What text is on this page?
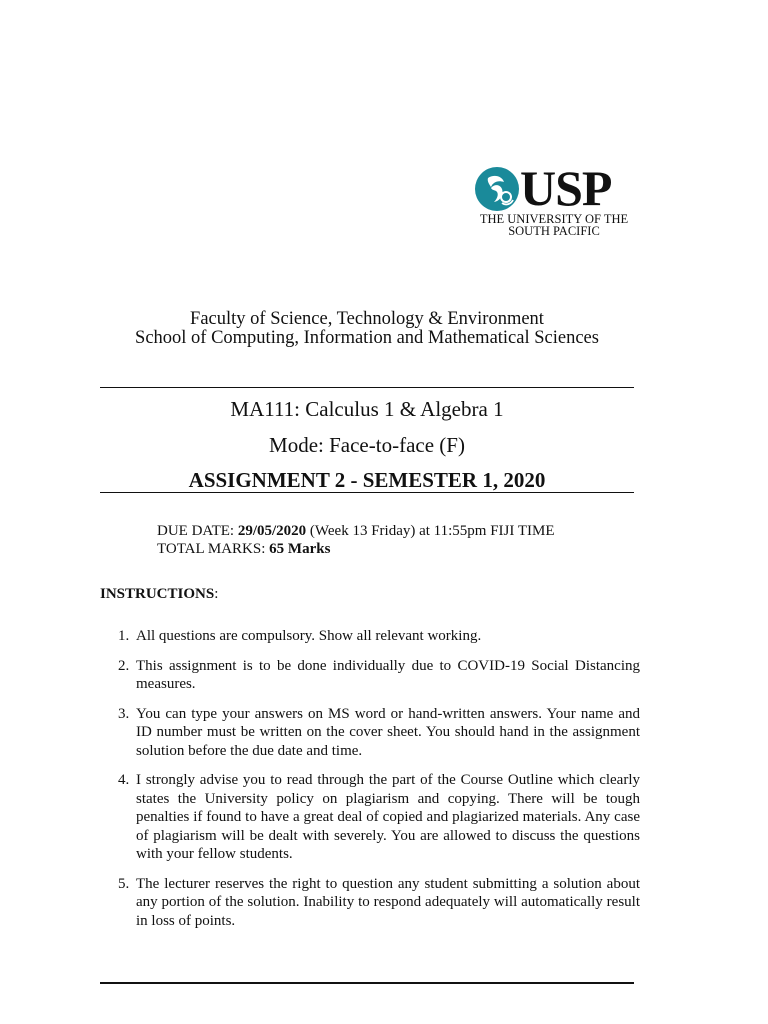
USP
THE UNIVERSITY OF THE
SOUTH PACIFIC
Faculty of Science, Technology & Environment
School of Computing, Information and Mathematical Sciences
MA111: Calculus 1 & Algebra 1
Mode: Face-to-face (F)
ASSIGNMENT 2 - SEMESTER 1, 2020
DUE DATE: 29/05/2020 (Week 13 Friday) at 11:55pm FIJI TIME
TOTAL MARKS: 65 Marks
INSTRUCTIONS:
1. All questions are compulsory. Show all relevant working.
2. This assignment is to be done individually due to COVID-19 Social Distancing measures.
3. You can type your answers on MS word or hand-written answers. Your name and ID number must be written on the cover sheet. You should hand in the assignment solution before the due date and time.
4. I strongly advise you to read through the part of the Course Outline which clearly states the University policy on plagiarism and copying. There will be tough penalties if found to have a great deal of copied and plagiarized materials. Any case of plagiarism will be dealt with severely. You are allowed to discuss the questions with your fellow students.
5. The lecturer reserves the right to question any student submitting a solution about any portion of the solution. Inability to respond adequately will automatically result in loss of points.
